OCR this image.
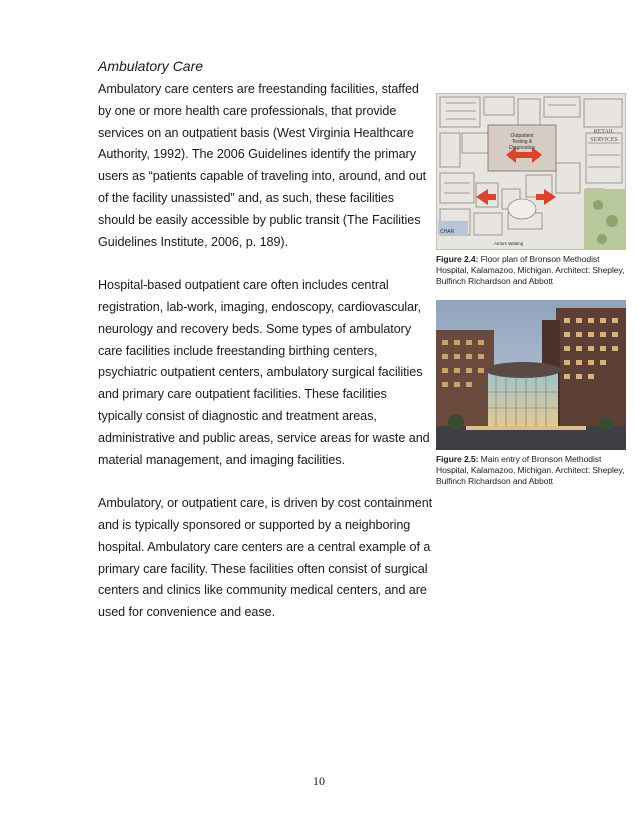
Ambulatory Care

Ambulatory care centers are freestanding facilities, staffed by one or more health care professionals, that provide services on an outpatient basis (West Virginia Healthcare Authority, 1992). The 2006 Guidelines identify the primary users as “patients capable of traveling into, around, and out of the facility unassisted” and, as such, these facilities should be easily accessible by public transit (The Facilities Guidelines Institute, 2006, p. 189).

Hospital-based outpatient care often includes central registration, lab-work, imaging, endoscopy, cardiovascular, neurology and recovery beds. Some types of ambulatory care facilities include freestanding birthing centers, psychiatric outpatient centers, ambulatory surgical facilities and primary care outpatient facilities. These facilities typically consist of diagnostic and treatment areas, administrative and public areas, service areas for waste and material management, and imaging facilities.

Ambulatory, or outpatient care, is driven by cost containment and is typically sponsored or supported by a neighboring hospital. Ambulatory care centers are a central example of a primary care facility. These facilities often consist of surgical centers and clinics like community medical centers, and are used for convenience and ease.

Outpatient Testing & Diagnostics
RETAIL SERVICES
Atrium Waiting
CHAR
Figure 2.4: Floor plan of Bronson Methodist Hospital, Kalamazoo, Michigan. Architect: Shepley, Bulfinch Richardson and Abbott
Figure 2.5: Main entry of Bronson Methodist Hospital, Kalamazoo, Michigan. Architect: Shepley, Bulfinch Richardson and Abbott
10
